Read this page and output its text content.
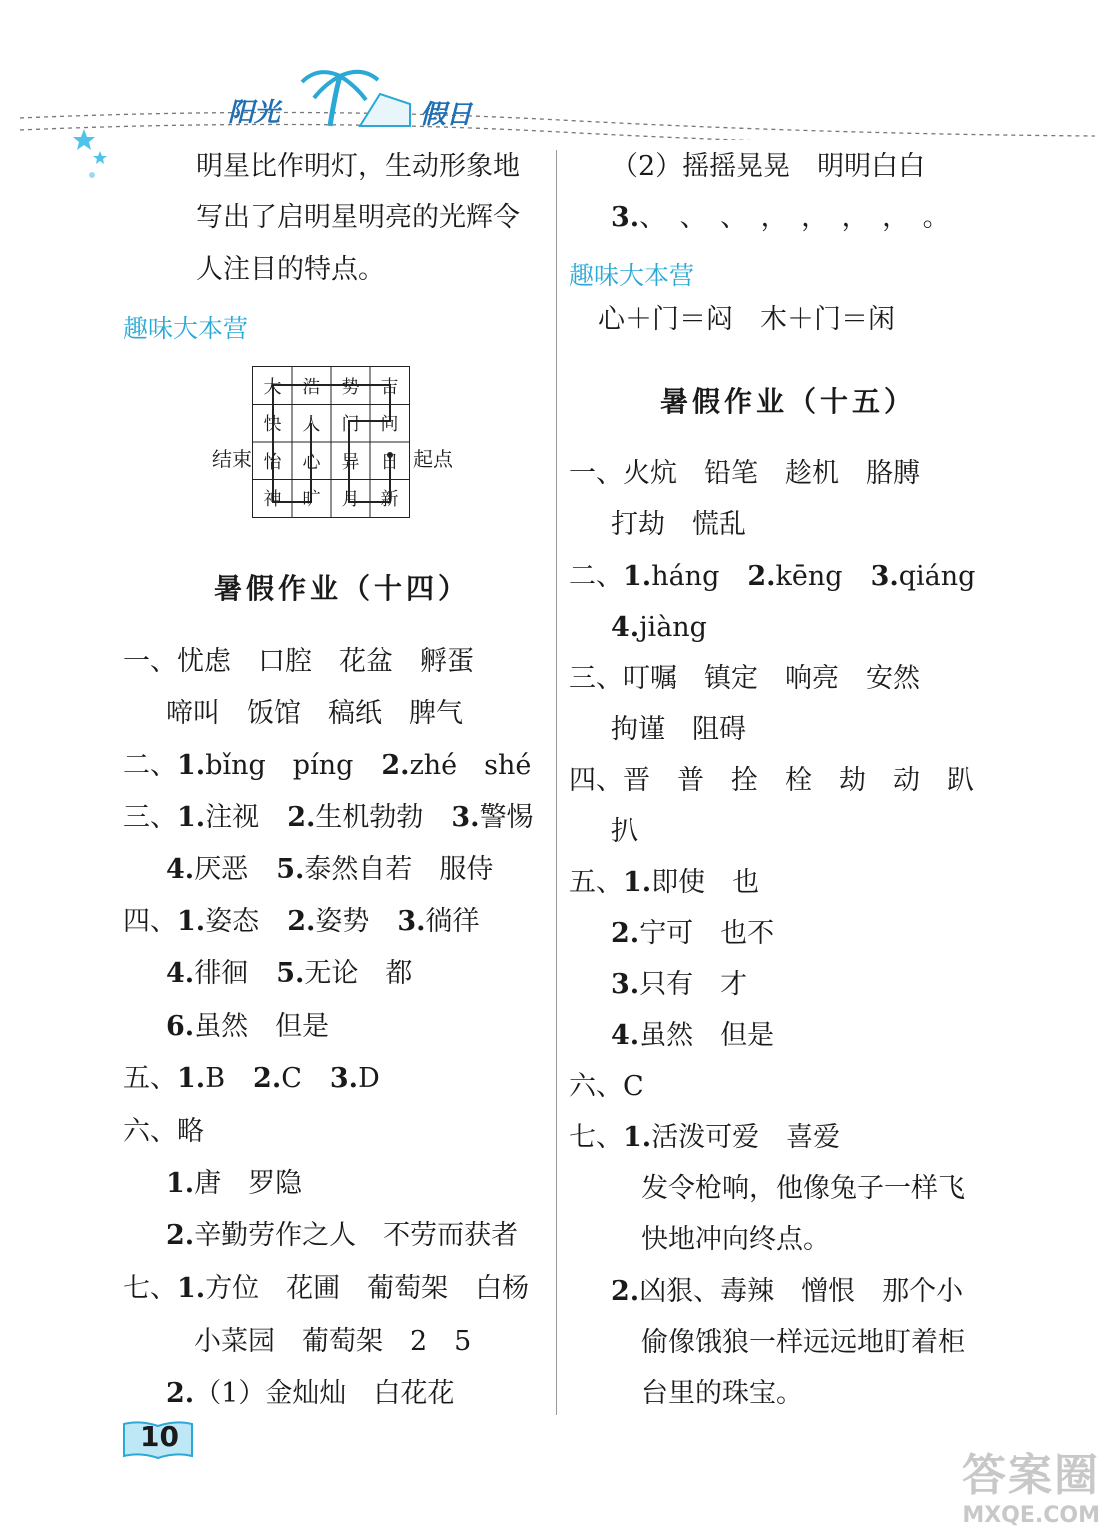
阳光	假日
明星比作明灯，生动形象地
写出了启明星明亮的光辉令
人注目的特点。
趣味大本营
结束
大	浩	势	吉
快	人	门	问
怡	心	异	日
神	旷	月	新
起点
暑假作业（十四）
一、忧虑　口腔　花盆　孵蛋
啼叫　饭馆　稿纸　脾气
二、1.bǐng　píng 2.zhé　shé
三、1.注视 2.生机勃勃 3.警惕
4.厌恶 5.泰然自若　服侍
四、1.姿态 2.姿势 3.徜徉
4.徘徊 5.无论　都
6.虽然　但是
五、1.B 2.C 3.D
六、略
1.唐　罗隐
2.辛勤劳作之人　不劳而获者
七、1.方位　花圃　葡萄架　白杨
小菜园　葡萄架　2　5
2.（1）金灿灿　白花花
（2）摇摇晃晃　明明白白
3.、　、　、　，　，　，　，　。
趣味大本营
心＋门＝闷　木＋门＝闲
暑假作业（十五）
一、火炕　铅笔　趁机　胳膊
打劫　慌乱
二、1.háng 2.kēng 3.qiáng
4.jiàng
三、叮嘱　镇定　响亮　安然
拘谨　阻碍
四、晋　普　拴　栓　劫　动　趴
扒
五、1.即使　也
2.宁可　也不
3.只有　才
4.虽然　但是
六、C
七、1.活泼可爱　喜爱
发令枪响，他像兔子一样飞
快地冲向终点。
2.凶狠、毒辣　憎恨　那个小
偷像饿狼一样远远地盯着柜
台里的珠宝。
10
答案圈
MXQE.COM
